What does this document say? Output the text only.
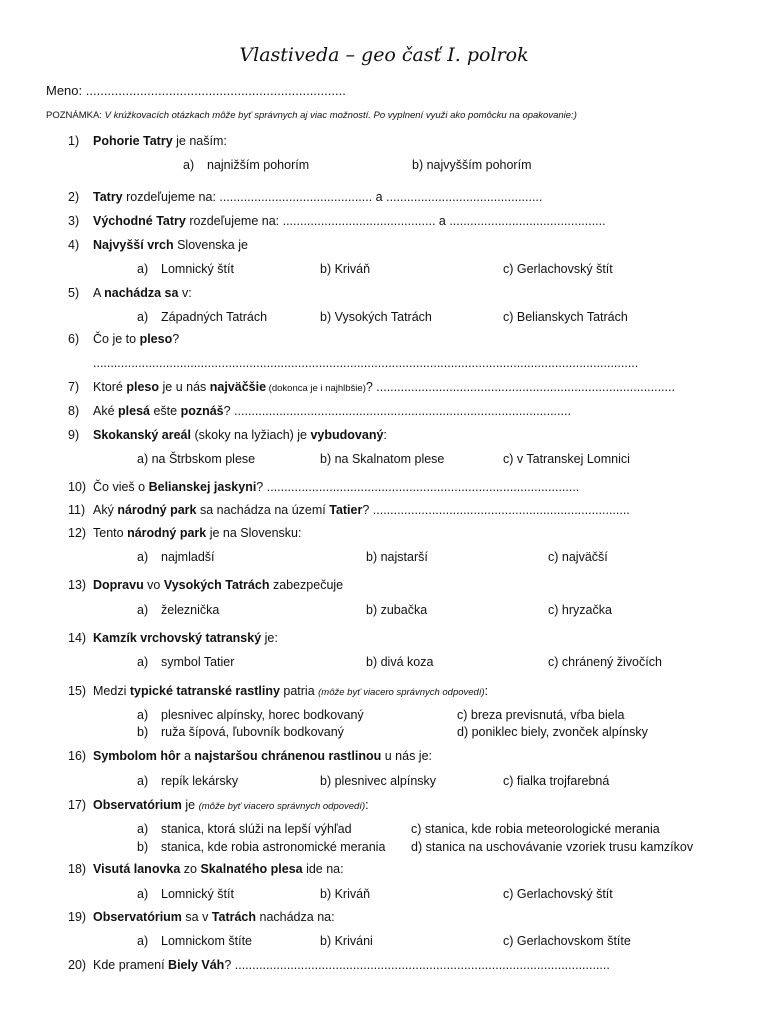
Vlastiveda – geo časť I. polrok
Meno: ........................................................................
POZNÁMKA: V krúžkovacích otázkach môže byť správnych aj viac možností. Po vyplnení využi ako pomôcku na opakovanie:)
1) Pohorie Tatry je naším:
a) najnižším pohorím	b) najvyšším pohorím
2) Tatry rozdeľujeme na: ............................................ a .............................................
3) Východné Tatry rozdeľujeme na: ............................................ a .............................................
4) Najvyšší vrch Slovenska je
a) Lomnický štít	b) Kriváň	c) Gerlachovský štít
5) A nachádza sa v:
a) Západných Tatrách	b) Vysokých Tatrách	c) Belianskych Tatrách
6) Čo je to pleso?
.............................................................................................................................................................
7) Ktoré pleso je u nás najväčšie (dokonca je i najhlbšie)? ......................................................................................
8) Aké plesá ešte poznáš? .................................................................................................
9) Skokanský areál (skoky na lyžiach) je vybudovaný:
a) na Štrbskom plese	b) na Skalnatom plese	c) v Tatranskej Lomnici
10) Čo vieš o Belianskej jaskyni? ..........................................................................................
11) Aký národný park sa nachádza na území Tatier? ..........................................................................
12) Tento národný park je na Slovensku:
a) najmladší	b) najstarší	c) najväčší
13) Dopravu vo Vysokých Tatrách zabezpečuje
a) železnička	b) zubačka	c) hryzačka
14) Kamzík vrchovský tatranský je:
a) symbol Tatier	b) divá koza	c) chránený živočích
15) Medzi typické tatranské rastliny patria (môže byť viacero správnych odpovedí):
a) plesnivec alpínsky, horec bodkovaný
b) ruža šípová, ľubovník bodkovaný
c) breza previsnutá, vŕba biela
d) poniklec biely, zvonček alpínsky
16) Symbolom hôr a najstaršou chránenou rastlinou u nás je:
a) repík lekársky	b) plesnivec alpínsky	c) fialka trojfarebná
17) Observatórium je (môže byť viacero správnych odpovedí):
a) stanica, ktorá slúži na lepší výhľad
b) stanica, kde robia astronomické merania
c) stanica, kde robia meteorologické merania
d) stanica na uschovávanie vzoriek trusu kamzíkov
18) Visutá lanovka zo Skalnatého plesa ide na:
a) Lomnický štít	b) Kriváň	c) Gerlachovský štít
19) Observatórium sa v Tatrách nachádza na:
a) Lomnickom štíte	b) Kriváni	c) Gerlachovskom štíte
20) Kde pramení Biely Váh? ............................................................................................................
